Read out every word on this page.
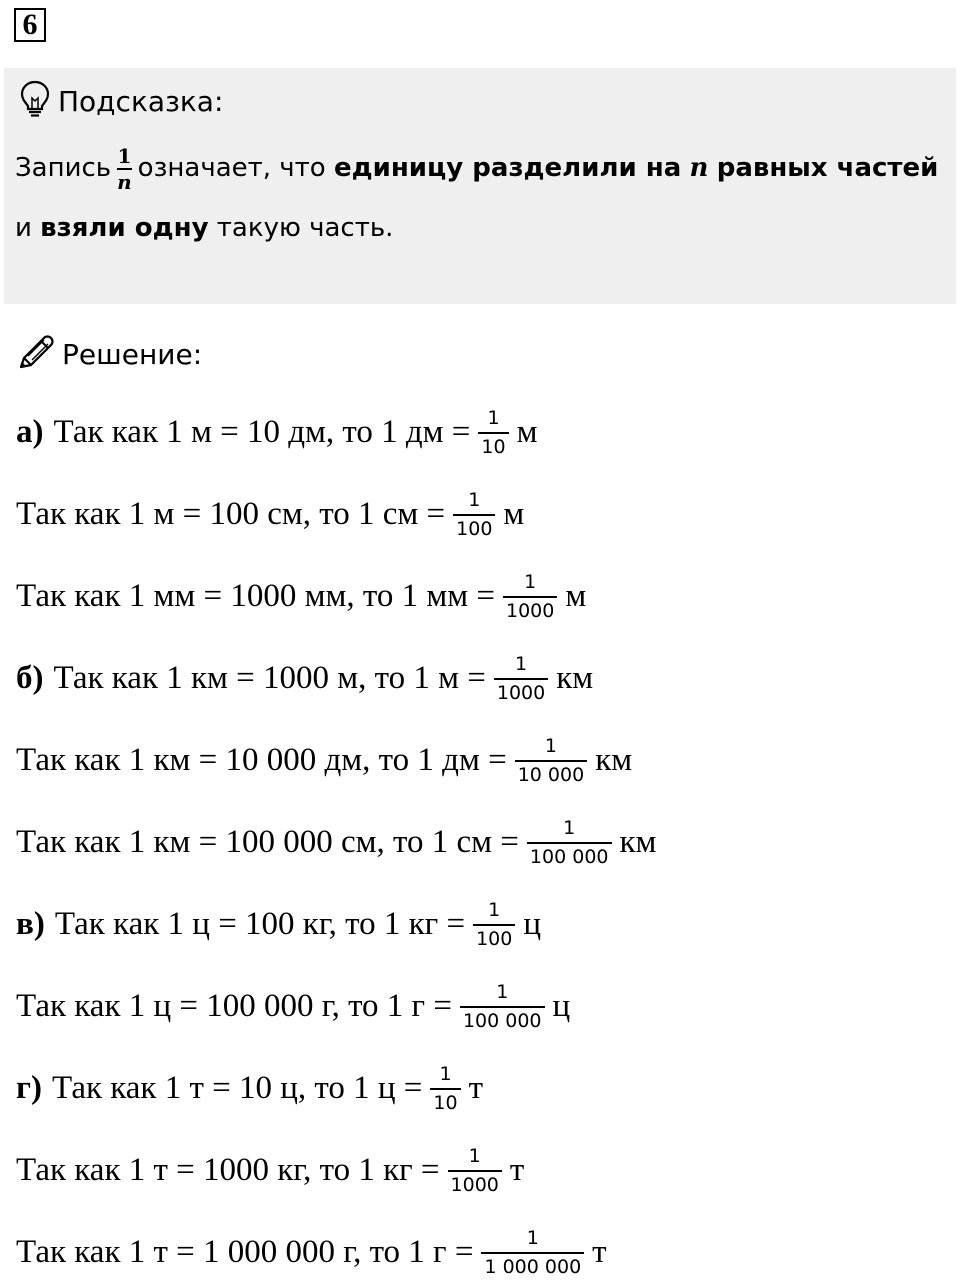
6
Подсказка:
Запись $\frac{1}{n}$ означает, что единицу разделили на n равных частей и взяли одну такую часть.
Решение:
а) Так как 1 м = 10 дм, то 1 дм = $\frac{1}{10}$ м
Так как 1 м = 100 см, то 1 см = $\frac{1}{100}$ м
Так как 1 мм = 1000 мм, то 1 мм = $\frac{1}{1000}$ м
б) Так как 1 км = 1000 м, то 1 $м = \frac{1}{1000}$ км
Так как 1 км = 10 000 дм, то 1 дм = $\frac{1}{10 000}$ км
Так как 1 км = 100 000 см, то 1 см = $\frac{1}{100 000}$ км
в) Так как 1 ц = 100 кг, то 1 кг = $\frac{1}{100}$ ц
Так как 1 ц = 100 000 г, то 1 $г = \frac{1}{100 000}$ ц
г) Так как 1 т = 10 ц, то 1 $ц = \frac{1}{10}$ т
Так как 1 т = 1000 кг, то 1 кг = $\frac{1}{1000}$ т
Так как 1 т = 1 000 000 г, то 1 $г = \frac{1}{1 000 000}$ т
